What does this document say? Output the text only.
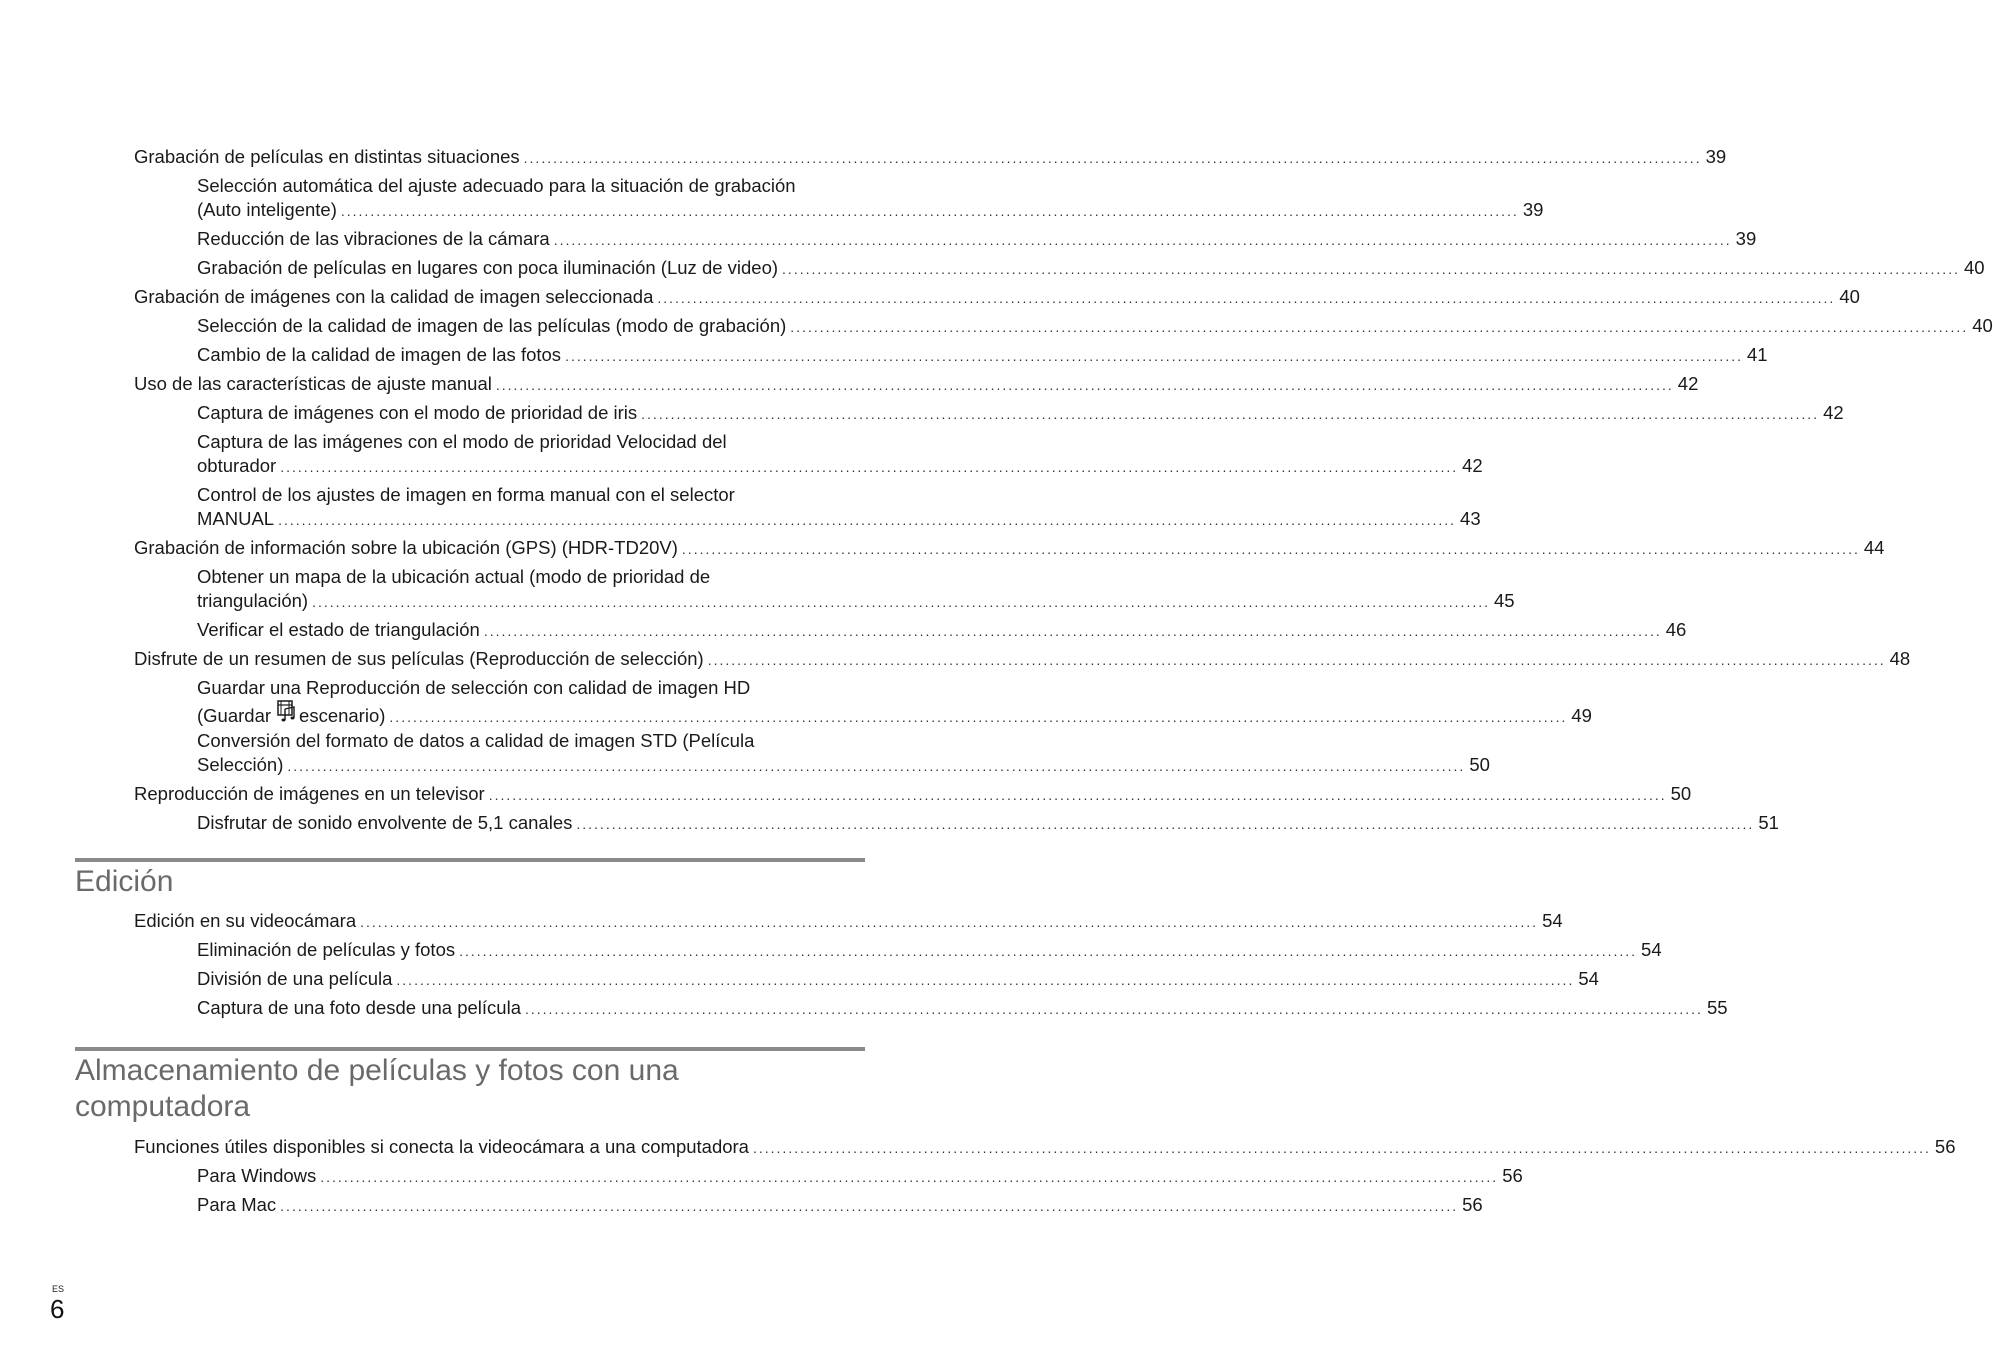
Grabación de películas en distintas situaciones ........................................................................................................................................................................................................ 39
Selección automática del ajuste adecuado para la situación de grabación
(Auto inteligente) ........................................................................................................................................................................................................ 39
Reducción de las vibraciones de la cámara ........................................................................................................................................................................................................ 39
Grabación de películas en lugares con poca iluminación (Luz de video) ........................................................................................................................................................................................................ 40
Grabación de imágenes con la calidad de imagen seleccionada ........................................................................................................................................................................................................ 40
Selección de la calidad de imagen de las películas (modo de grabación) ........................................................................................................................................................................................................ 40
Cambio de la calidad de imagen de las fotos ........................................................................................................................................................................................................ 41
Uso de las características de ajuste manual ........................................................................................................................................................................................................ 42
Captura de imágenes con el modo de prioridad de iris ........................................................................................................................................................................................................ 42
Captura de las imágenes con el modo de prioridad Velocidad del
obturador ........................................................................................................................................................................................................ 42
Control de los ajustes de imagen en forma manual con el selector
MANUAL ........................................................................................................................................................................................................ 43
Grabación de información sobre la ubicación (GPS) (HDR-TD20V) ........................................................................................................................................................................................................ 44
Obtener un mapa de la ubicación actual (modo de prioridad de
triangulación) ........................................................................................................................................................................................................ 45
Verificar el estado de triangulación ........................................................................................................................................................................................................ 46
Disfrute de un resumen de sus películas (Reproducción de selección) ........................................................................................................................................................................................................ 48
Guardar una Reproducción de selección con calidad de imagen HD
(Guardar escenario) ........................................................................................................................................................................................................ 49
Conversión del formato de datos a calidad de imagen STD (Película
Selección) ........................................................................................................................................................................................................ 50
Reproducción de imágenes en un televisor ........................................................................................................................................................................................................ 50
Disfrutar de sonido envolvente de 5,1 canales ........................................................................................................................................................................................................ 51
Edición
Edición en su videocámara ........................................................................................................................................................................................................ 54
Eliminación de películas y fotos ........................................................................................................................................................................................................ 54
División de una película ........................................................................................................................................................................................................ 54
Captura de una foto desde una película ........................................................................................................................................................................................................ 55
Almacenamiento de películas y fotos con una
computadora
Funciones útiles disponibles si conecta la videocámara a una computadora ........................................................................................................................................................................................................ 56
Para Windows ........................................................................................................................................................................................................ 56
Para Mac ........................................................................................................................................................................................................ 56
ES
6
